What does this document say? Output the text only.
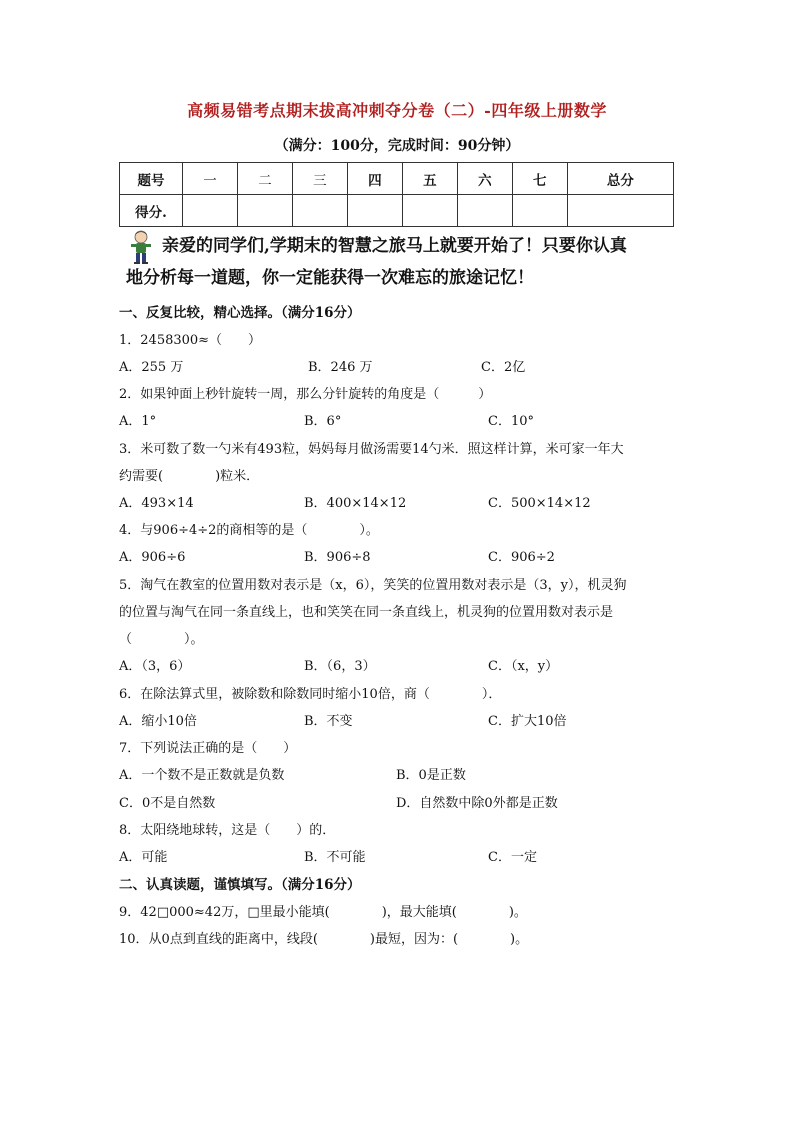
高频易错考点期末拔高冲刺夺分卷（二）-四年级上册数学
（满分：100分，完成时间：90分钟）
题号	一	二	三	四	五	六	七	总分
得分.								
亲爱的同学们,学期末的智慧之旅马上就要开始了！只要你认真
地分析每一道题，你一定能获得一次难忘的旅途记忆！
一、反复比较，精心选择。（满分16分）
1．2458300≈（　　）
A．255 万	B．246 万	C．2亿
2．如果钟面上秒针旋转一周，那么分针旋转的角度是（　　　）
A．1°	B．6°	C．10°
3．米可数了数一勺米有493粒，妈妈每月做汤需要14勺米．照这样计算，米可家一年大
约需要(　　　　)粒米．
A．493×14	B．400×14×12	C．500×14×12
4．与906÷4÷2的商相等的是（　　　　）。
A．906÷6	B．906÷8	C．906÷2
5．淘气在教室的位置用数对表示是（x，6），笑笑的位置用数对表示是（3，y），机灵狗
的位置与淘气在同一条直线上，也和笑笑在同一条直线上，机灵狗的位置用数对表示是
（　　　　）。
A．（3，6）	B．（6，3）	C．（x，y）
6．在除法算式里，被除数和除数同时缩小10倍，商（　　　　）．
A．缩小10倍	B．不变	C．扩大10倍
7．下列说法正确的是（　　）
A．一个数不是正数就是负数	B．0是正数
C．0不是自然数	D．自然数中除0外都是正数
8．太阳绕地球转，这是（　　）的．
A．可能	B．不可能	C．一定
二、认真读题，谨慎填写。（满分16分）
9．42□000≈42万，□里最小能填(　　　　)，最大能填(　　　　)。
10．从0点到直线的距离中，线段(　　　　)最短，因为：(　　　　)。
